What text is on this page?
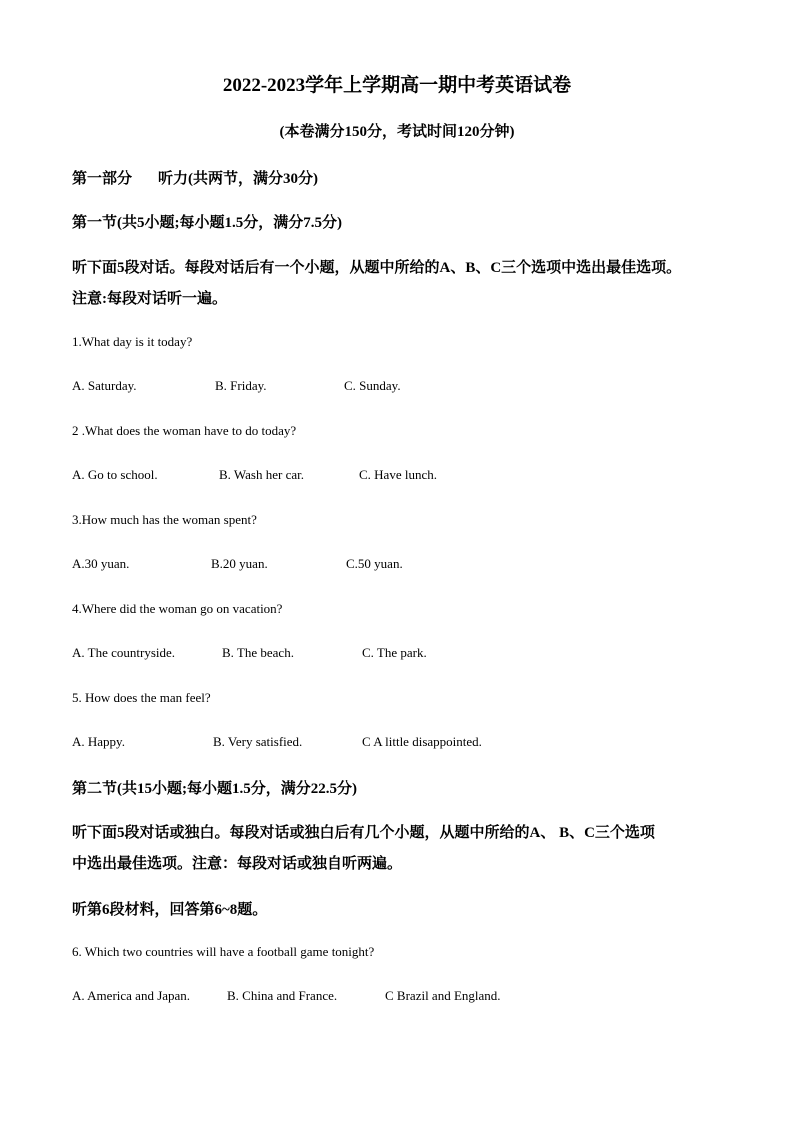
2022-2023学年上学期高一期中考英语试卷
(本卷满分150分，考试时间120分钟)
第一部分 听力(共两节，满分30分)
第一节(共5小题;每小题1.5分，满分7.5分)
听下面5段对话。每段对话后有一个小题，从题中所给的A、B、C三个选项中选出最佳选项。
注意:每段对话听一遍。
1.What day is it today?
A. Saturday.	B. Friday.	C. Sunday.
2 .What does the woman have to do today?
A. Go to school.	B. Wash her car.	C. Have lunch.
3.How much has the woman spent?
A.30 yuan.	B.20 yuan.	C.50 yuan.
4.Where did the woman go on vacation?
A. The countryside.	B. The beach.	C. The park.
5. How does the man feel?
A. Happy.	B. Very satisfied.	C A little disappointed.
第二节(共15小题;每小题1.5分，满分22.5分)
听下面5段对话或独白。每段对话或独白后有几个小题，从题中所给的A、 B、C三个选项
中选出最佳选项。注意：每段对话或独自听两遍。
听第6段材料，回答第6~8题。
6. Which two countries will have a football game tonight?
A. America and Japan.	B. China and France.	C Brazil and England.
